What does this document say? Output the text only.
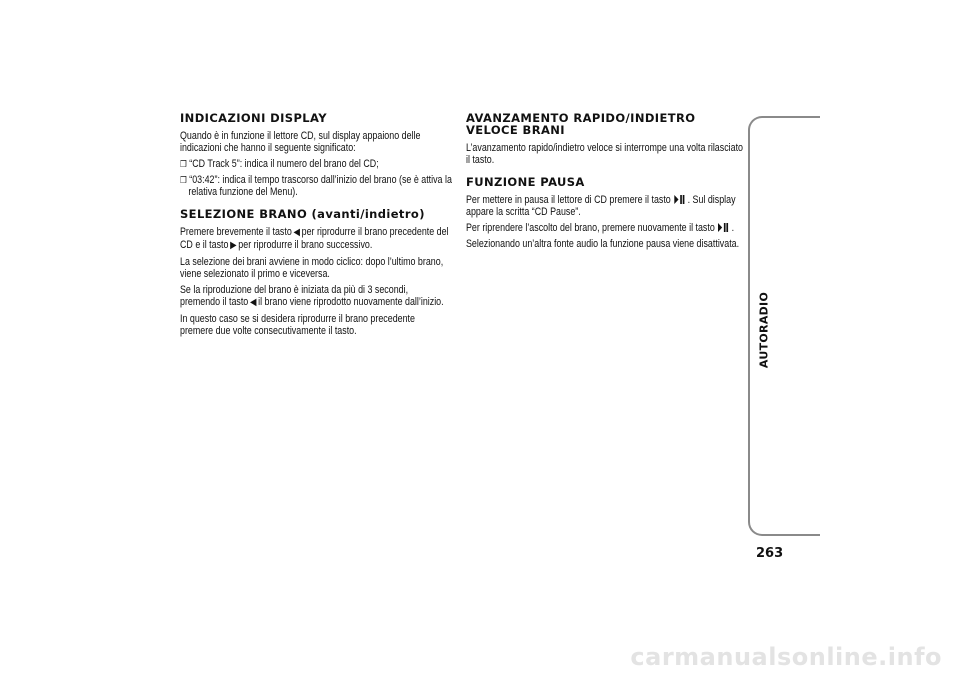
INDICAZIONI DISPLAY

Quando è in funzione il lettore CD, sul display appaiono delle indicazioni che hanno il seguente significato:

❒ “CD Track 5”: indica il numero del brano del CD;

❒ “03:42”: indica il tempo trascorso dall’inizio del brano (se è attiva la relativa funzione del Menu).

SELEZIONE BRANO (avanti/indietro)

Premere brevemente il tasto ◀ per riprodurre il brano precedente del CD e il tasto ▶ per riprodurre il brano successivo.

La selezione dei brani avviene in modo ciclico: dopo l’ultimo brano, viene selezionato il primo e viceversa.

Se la riproduzione del brano è iniziata da più di 3 secondi, premendo il tasto ◀ il brano viene riprodotto nuovamente dall’inizio.

In questo caso se si desidera riprodurre il brano precedente premere due volte consecutivamente il tasto.

AVANZAMENTO RAPIDO/INDIETRO VELOCE BRANI

L’avanzamento rapido/indietro veloce si interrompe una volta rilasciato il tasto.

FUNZIONE PAUSA

Per mettere in pausa il lettore di CD premere il tasto . Sul display appare la scritta “CD Pause”.

Per riprendere l’ascolto del brano, premere nuovamente il tasto .

Selezionando un’altra fonte audio la funzione pausa viene disattivata.

AUTORADIO
263
carmanualsonline.info
